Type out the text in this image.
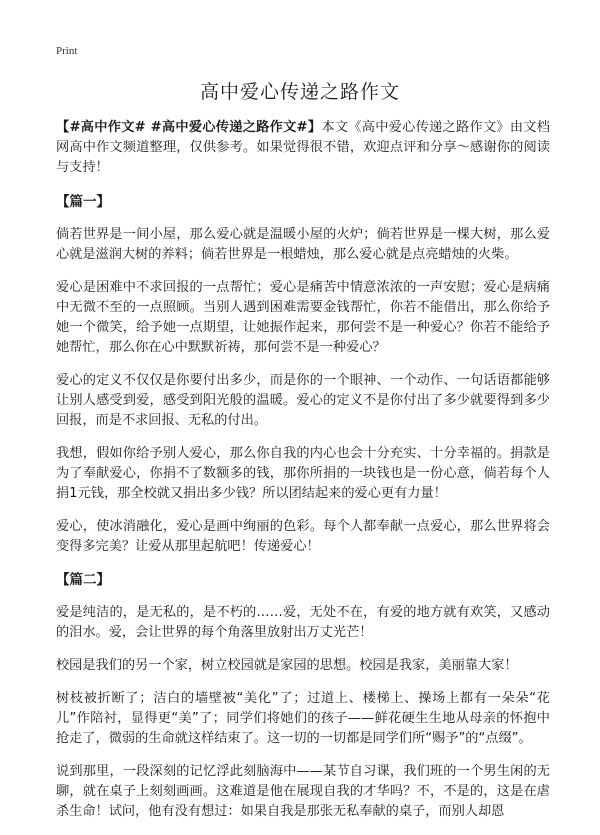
Print
高中爱心传递之路作文

【#高中作文# #高中爱心传递之路作文#】本文《高中爱心传递之路作文》由文档网高中作文频道整理，仅供参考。如果觉得很不错，欢迎点评和分享～感谢你的阅读与支持！

【篇一】

倘若世界是一间小屋，那么爱心就是温暖小屋的火炉；倘若世界是一棵大树，那么爱心就是滋润大树的养料；倘若世界是一根蜡烛，那么爱心就是点亮蜡烛的火柴。

爱心是困难中不求回报的一点帮忙；爱心是痛苦中情意浓浓的一声安慰；爱心是病痛中无微不至的一点照顾。当别人遇到困难需要金钱帮忙，你若不能借出，那么你给予她一个微笑，给予她一点期望，让她振作起来，那何尝不是一种爱心？你若不能给予她帮忙，那么你在心中默默祈祷，那何尝不是一种爱心？

爱心的定义不仅仅是你要付出多少，而是你的一个眼神、一个动作、一句话语都能够让别人感受到爱，感受到阳光般的温暖。爱心的定义不是你付出了多少就要得到多少回报，而是不求回报、无私的付出。

我想，假如你给予别人爱心，那么你自我的内心也会十分充实、十分幸福的。捐款是为了奉献爱心，你捐不了数额多的钱，那你所捐的一块钱也是一份心意，倘若每个人捐1元钱，那全校就又捐出多少钱？所以团结起来的爱心更有力量！

爱心，使冰消融化，爱心是画中绚丽的色彩。每个人都奉献一点爱心，那么世界将会变得多完美？让爱从那里起航吧！传递爱心！

【篇二】

爱是纯洁的，是无私的，是不朽的……爱，无处不在，有爱的地方就有欢笑，又感动的泪水。爱，会让世界的每个角落里放射出万丈光芒！

校园是我们的另一个家，树立校园就是家园的思想。校园是我家，美丽靠大家！

树枝被折断了；洁白的墙壁被“美化”了；过道上、楼梯上、操场上都有一朵朵“花儿”作陪衬，显得更“美”了；同学们将她们的孩子——鲜花硬生生地从母亲的怀抱中抢走了，微弱的生命就这样结束了。这一切的一切都是同学们所“赐予”的“点缀”。

说到那里，一段深刻的记忆浮此刻脑海中——某节自习课，我们班的一个男生闲的无聊，就在桌子上刻刻画画。这难道是他在展现自我的才华吗？不，不是的，这是在虐杀生命！试问，他有没有想过：如果自我是那张无私奉献的桌子，而别人却恩
